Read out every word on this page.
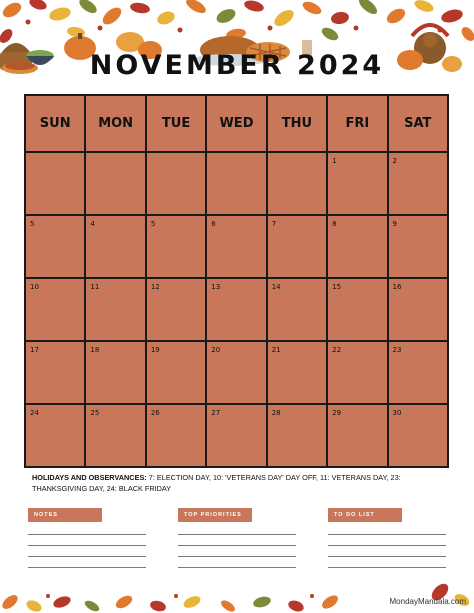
NOVEMBER 2024
SUN	MON	TUE	WED	THU	FRI	SAT

					1	2

5	4	5	6	7	8	9

10	11	12	13	14	15	16

17	18	19	20	21	22	23

24	25	26	27	28	29	30
HOLIDAYS AND OBSERVANCES: 7: ELECTION DAY, 10: 'VETERANS DAY' DAY OFF, 11: VETERANS DAY, 23: THANKSGIVING DAY, 24: BLACK FRIDAY
NOTES	TOP PRIORITIES	TO DO LIST
MondayMandala.com
